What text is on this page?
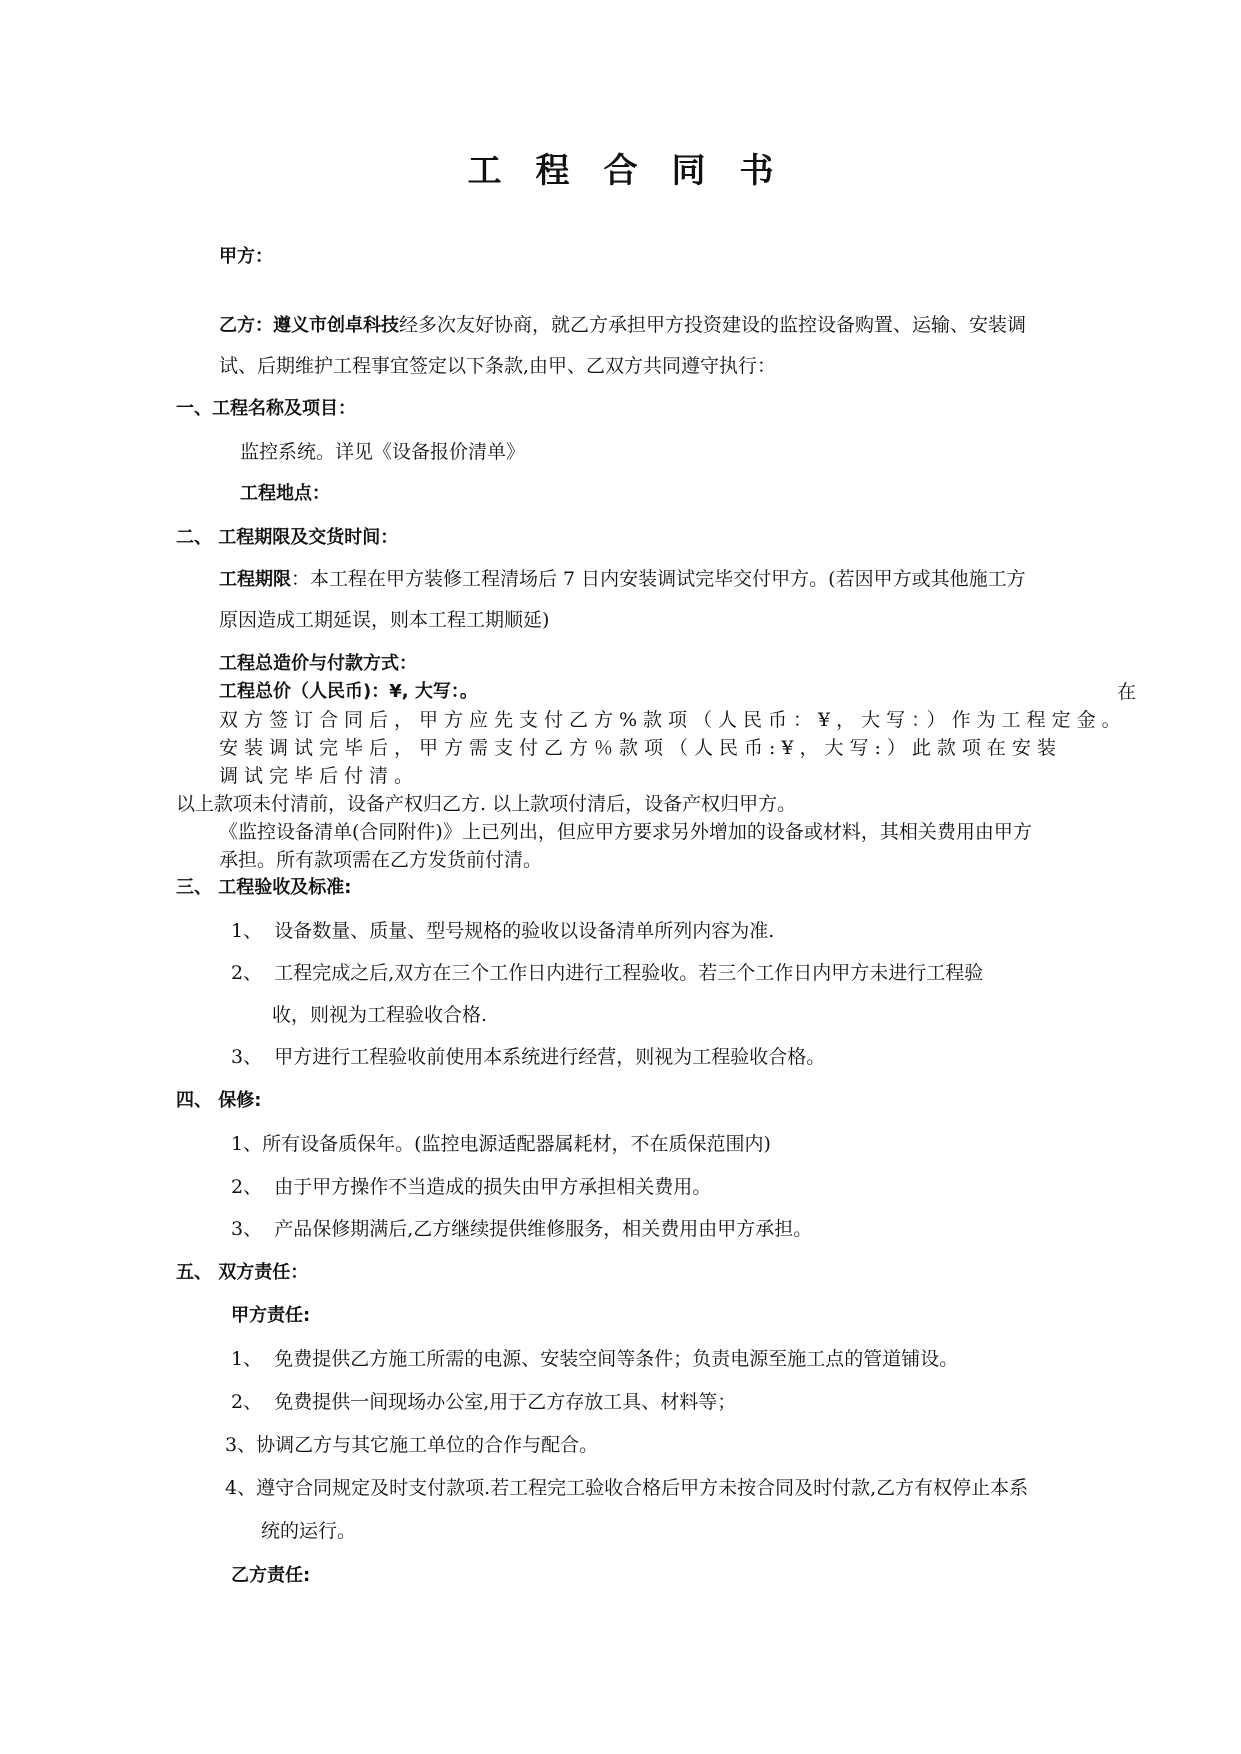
工程合同书
甲方：
乙方：遵义市创卓科技经多次友好协商，就乙方承担甲方投资建设的监控设备购置、运输、安装调
试、后期维护工程事宜签定以下条款,由甲、乙双方共同遵守执行：
一、工程名称及项目：
监控系统。详见《设备报价清单》
工程地点：
二、 工程期限及交货时间：
工程期限：本工程在甲方装修工程清场后 7 日内安装调试完毕交付甲方。(若因甲方或其他施工方
原因造成工期延误，则本工程工期顺延)
工程总造价与付款方式：
工程总价（人民币)：¥, 大写：。	在
双方签订合同后，甲方应先支付乙方%款项（人民币：¥，大写：）作为工程定金。
安装调试完毕后，甲方需支付乙方％款项（人民币:¥，大写:）此款项在安装
调试完毕后付清。
以上款项未付清前，设备产权归乙方. 以上款项付清后，设备产权归甲方。
《监控设备清单(合同附件)》上已列出，但应甲方要求另外增加的设备或材料，其相关费用由甲方
承担。所有款项需在乙方发货前付清。
三、 工程验收及标准:
1、 设备数量、质量、型号规格的验收以设备清单所列内容为准.
2、 工程完成之后,双方在三个工作日内进行工程验收。若三个工作日内甲方未进行工程验
收，则视为工程验收合格.
3、 甲方进行工程验收前使用本系统进行经营，则视为工程验收合格。
四、 保修:
1、所有设备质保年。(监控电源适配器属耗材，不在质保范围内)
2、 由于甲方操作不当造成的损失由甲方承担相关费用。
3、 产品保修期满后,乙方继续提供维修服务，相关费用由甲方承担。
五、 双方责任：
甲方责任:
1、 免费提供乙方施工所需的电源、安装空间等条件；负责电源至施工点的管道铺设。
2、 免费提供一间现场办公室,用于乙方存放工具、材料等；
3、协调乙方与其它施工单位的合作与配合。
4、遵守合同规定及时支付款项.若工程完工验收合格后甲方未按合同及时付款,乙方有权停止本系
统的运行。
乙方责任:
